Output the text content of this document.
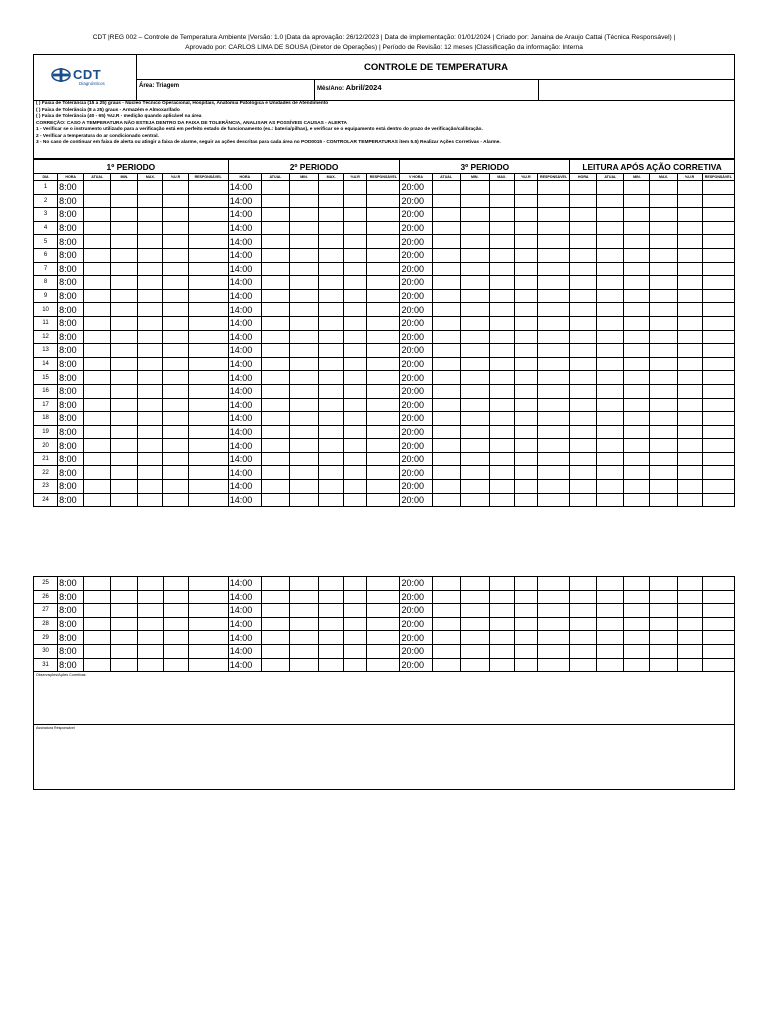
CDT |REG 002 – Controle de Temperatura Ambiente |Versão: 1.0 |Data da aprovação: 26/12/2023 | Data de implementação: 01/01/2024 | Criado por: Janaina de Araujo Cattai (Técnica Responsável) |
Aprovado por: CARLOS LIMA DE SOUSA (Diretor de Operações) | Período de Revisão: 12 meses |Classificação da informação: Interna
CDT
Diagnósticos
CONTROLE DE TEMPERATURA
Área: Triagem	Mês/Ano: Abril/2024
( ) Faixa de Tolerância (15 a 25) graus - Núcleo Técnico Operacional, Hospitais, Anatomia Patológica e Unidades de Atendimento
( ) Faixa de Tolerância (8 a 25) graus - Armazém e Almoxarifado
( ) Faixa de Tolerância (40 - 65) %U.R - medição quando aplicável na área
CORREÇÃO: CASO A TEMPERATURA NÃO ESTEJA DENTRO DA FAIXA DE TOLERÂNCIA, ANALISAR AS POSSÍVEIS CAUSAS - ALERTA
1 - Verificar se o instrumento utilizado para a verificação está em perfeito estado de funcionamento (ex.: bateria/pilhas), e verificar se o equipamento está dentro do prazo de verificação/calibração.
2 - Verificar a temperatura do ar condicionado central.
3 - No caso de continuar em faixa de alerta ou atingir a faixa de alarme, seguir as ações descritas para cada área no POD0015 - CONTROLAR TEMPERATURAS item 5.5) Realizar Ações Corretivas - Alarme.
1º PERIODO							2º PERIODO						3º PERIODO						LEITURA APÓS AÇÃO CORRETIVA					
DIA	HORA	ATUAL	MIN.	MAX.	%U.R	RESPONSÁVEL	HORA	ATUAL	MIN.	MAX.	%U.R	RESPONSÁVEL	V HORA	ATUAL	MIN.	MAX.	%U.R	RESPONSÁVEL	HORA	ATUAL	MIN.	MAX.	%U.R	RESPONSÁVEL
1	8:00						14:00						20:00											
2	8:00						14:00						20:00											
3	8:00						14:00						20:00											
4	8:00						14:00						20:00											
5	8:00						14:00						20:00											
6	8:00						14:00						20:00											
7	8:00						14:00						20:00											
8	8:00						14:00						20:00											
9	8:00						14:00						20:00											
10	8:00						14:00						20:00											
11	8:00						14:00						20:00											
12	8:00						14:00						20:00											
13	8:00						14:00						20:00											
14	8:00						14:00						20:00											
15	8:00						14:00						20:00											
16	8:00						14:00						20:00											
17	8:00						14:00						20:00											
18	8:00						14:00						20:00											
19	8:00						14:00						20:00											
20	8:00						14:00						20:00											
21	8:00						14:00						20:00											
22	8:00						14:00						20:00											
23	8:00						14:00						20:00											
24	8:00						14:00						20:00											
25	8:00						14:00						20:00											
26	8:00						14:00						20:00											
27	8:00						14:00						20:00											
28	8:00						14:00						20:00											
29	8:00						14:00						20:00											
30	8:00						14:00						20:00											
31	8:00						14:00						20:00											
Observações/Ações Corretivas
Assinatura Responsável
